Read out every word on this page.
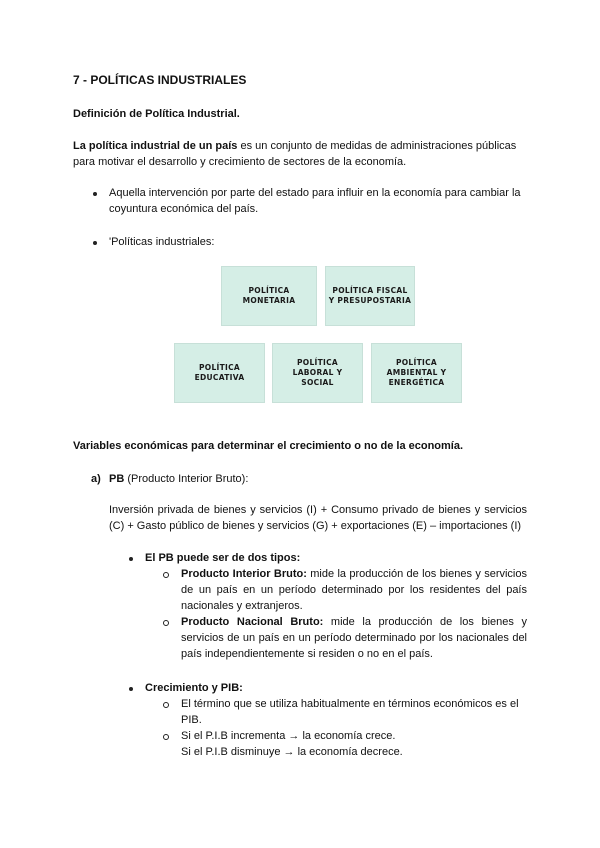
7 - POLÍTICAS INDUSTRIALES
Definición de Política Industrial.
La política industrial de un país es un conjunto de medidas de administraciones públicas para motivar el desarrollo y crecimiento de sectores de la economía.
Aquella intervención por parte del estado para influir en la economía para cambiar la coyuntura económica del país.
'Políticas industriales:
POLÍTICA
MONETARIA
POLÍTICA FISCAL
Y PRESUPOSTARIA
POLÍTICA
EDUCATIVA
POLÍTICA
LABORAL Y
SOCIAL
POLÍTICA
AMBIENTAL Y
ENERGÉTICA
Variables económicas para determinar el crecimiento o no de la economía.
a) PB (Producto Interior Bruto):
Inversión privada de bienes y servicios (I) + Consumo privado de bienes y servicios (C) + Gasto público de bienes y servicios (G) + exportaciones (E) – importaciones (I)
El PB puede ser de dos tipos:
Producto Interior Bruto: mide la producción de los bienes y servicios de un país en un período determinado por los residentes del país nacionales y extranjeros.
Producto Nacional Bruto: mide la producción de los bienes y servicios de un país en un período determinado por los nacionales del país independientemente si residen o no en el país.
Crecimiento y PIB:
El término que se utiliza habitualmente en términos económicos es el PIB.
Si el P.I.B incrementa → la economía crece.
Si el P.I.B disminuye → la economía decrece.
